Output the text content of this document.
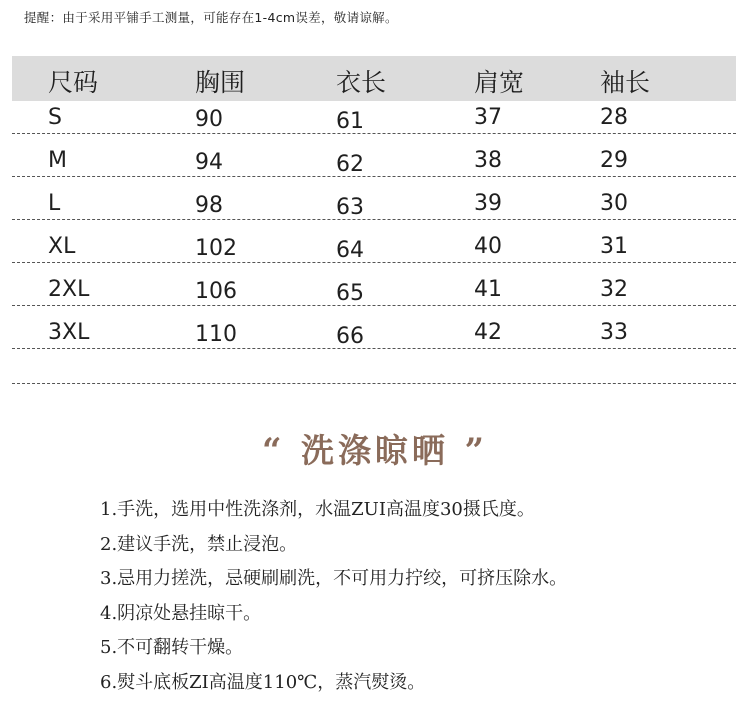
提醒：由于采用平铺手工测量，可能存在1-4cm误差，敬请谅解。
尺码	胸围	衣长	肩宽	袖长
S	90	61	37	28
M	94	62	38	29
L	98	63	39	30
XL	102	64	40	31
2XL	106	65	41	32
3XL	110	66	42	33
“ 洗涤晾晒 ”
1.手洗，选用中性洗涤剂，水温ZUI高温度30摄氏度。
2.建议手洗，禁止浸泡。
3.忌用力搓洗，忌硬刷刷洗，不可用力拧绞，可挤压除水。
4.阴凉处悬挂晾干。
5.不可翻转干燥。
6.熨斗底板ZI高温度110℃，蒸汽熨烫。
